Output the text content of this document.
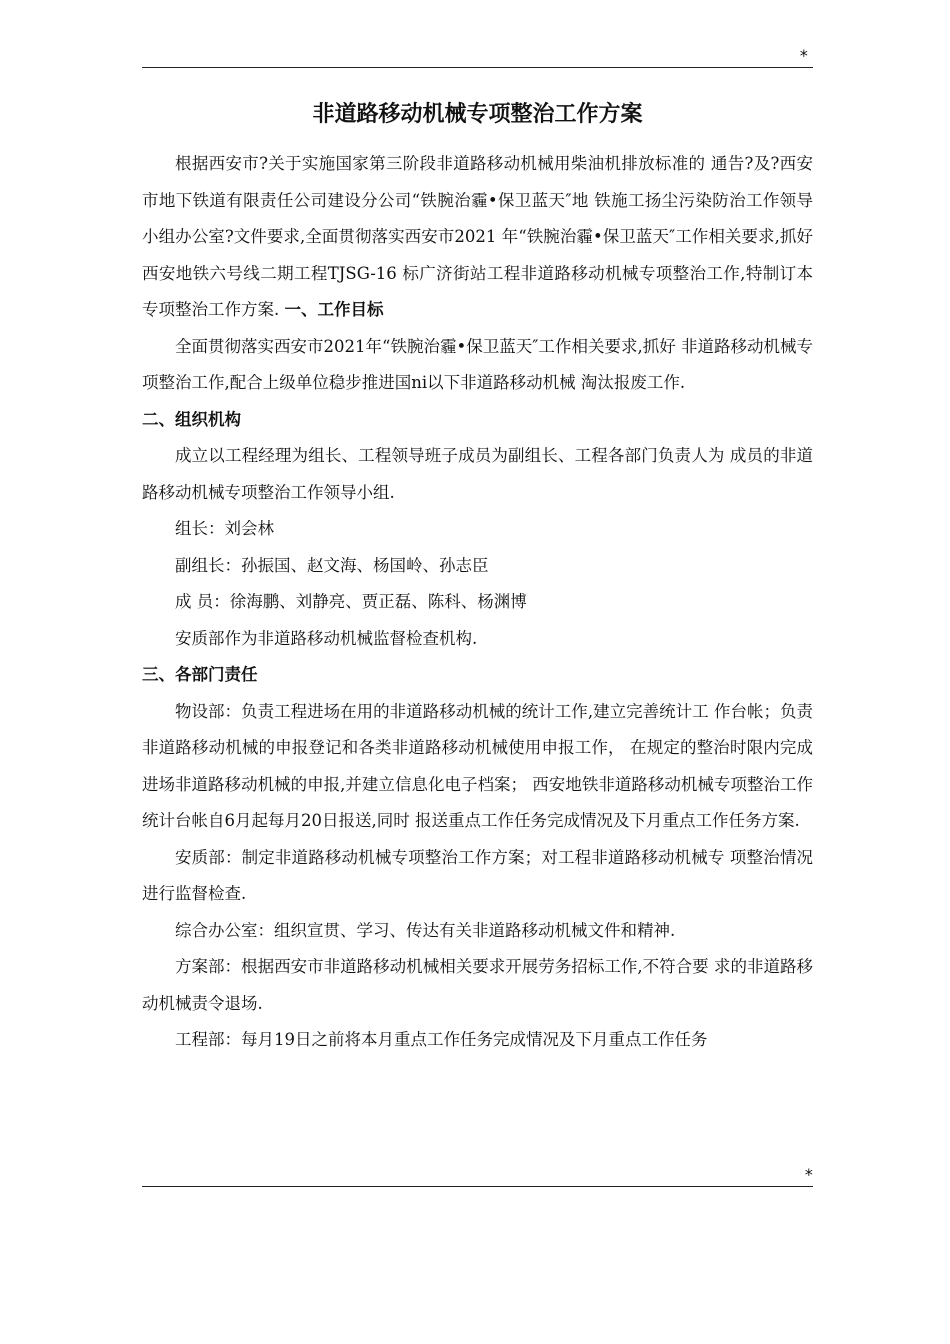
*
非道路移动机械专项整治工作方案

根据西安市?关于实施国家第三阶段非道路移动机械用柴油机排放标准的 通告?及?西安市地下铁道有限责任公司建设分公司“铁腕治霾•保卫蓝天″地 铁施工扬尘污染防治工作领导小组办公室?文件要求,全面贯彻落实西安市2021 年“铁腕治霾•保卫蓝天″工作相关要求,抓好西安地铁六号线二期工程TJSG-16 标广济街站工程非道路移动机械专项整治工作,特制订本专项整治工作方案. 一、工作目标

全面贯彻落实西安市2021年“铁腕治霾•保卫蓝天″工作相关要求,抓好 非道路移动机械专项整治工作,配合上级单位稳步推进国ni以下非道路移动机械 淘汰报废工作.

二、组织机构

成立以工程经理为组长、工程领导班子成员为副组长、工程各部门负责人为 成员的非道路移动机械专项整治工作领导小组.

组长：刘会林

副组长：孙振国、赵文海、杨国岭、孙志臣

成 员：徐海鹏、刘静亮、贾正磊、陈科、杨渊博

安质部作为非道路移动机械监督检查机构.

三、各部门责任

物设部：负责工程进场在用的非道路移动机械的统计工作,建立完善统计工 作台帐；负责非道路移动机械的申报登记和各类非道路移动机械使用申报工作， 在规定的整治时限内完成进场非道路移动机械的申报,并建立信息化电子档案； 西安地铁非道路移动机械专项整治工作统计台帐自6月起每月20日报送,同时 报送重点工作任务完成情况及下月重点工作任务方案.

安质部：制定非道路移动机械专项整治工作方案；对工程非道路移动机械专 项整治情况进行监督检查.

综合办公室：组织宣贯、学习、传达有关非道路移动机械文件和精神.

方案部：根据西安市非道路移动机械相关要求开展劳务招标工作,不符合要 求的非道路移动机械责令退场.

工程部：每月19日之前将本月重点工作任务完成情况及下月重点工作任务

*
